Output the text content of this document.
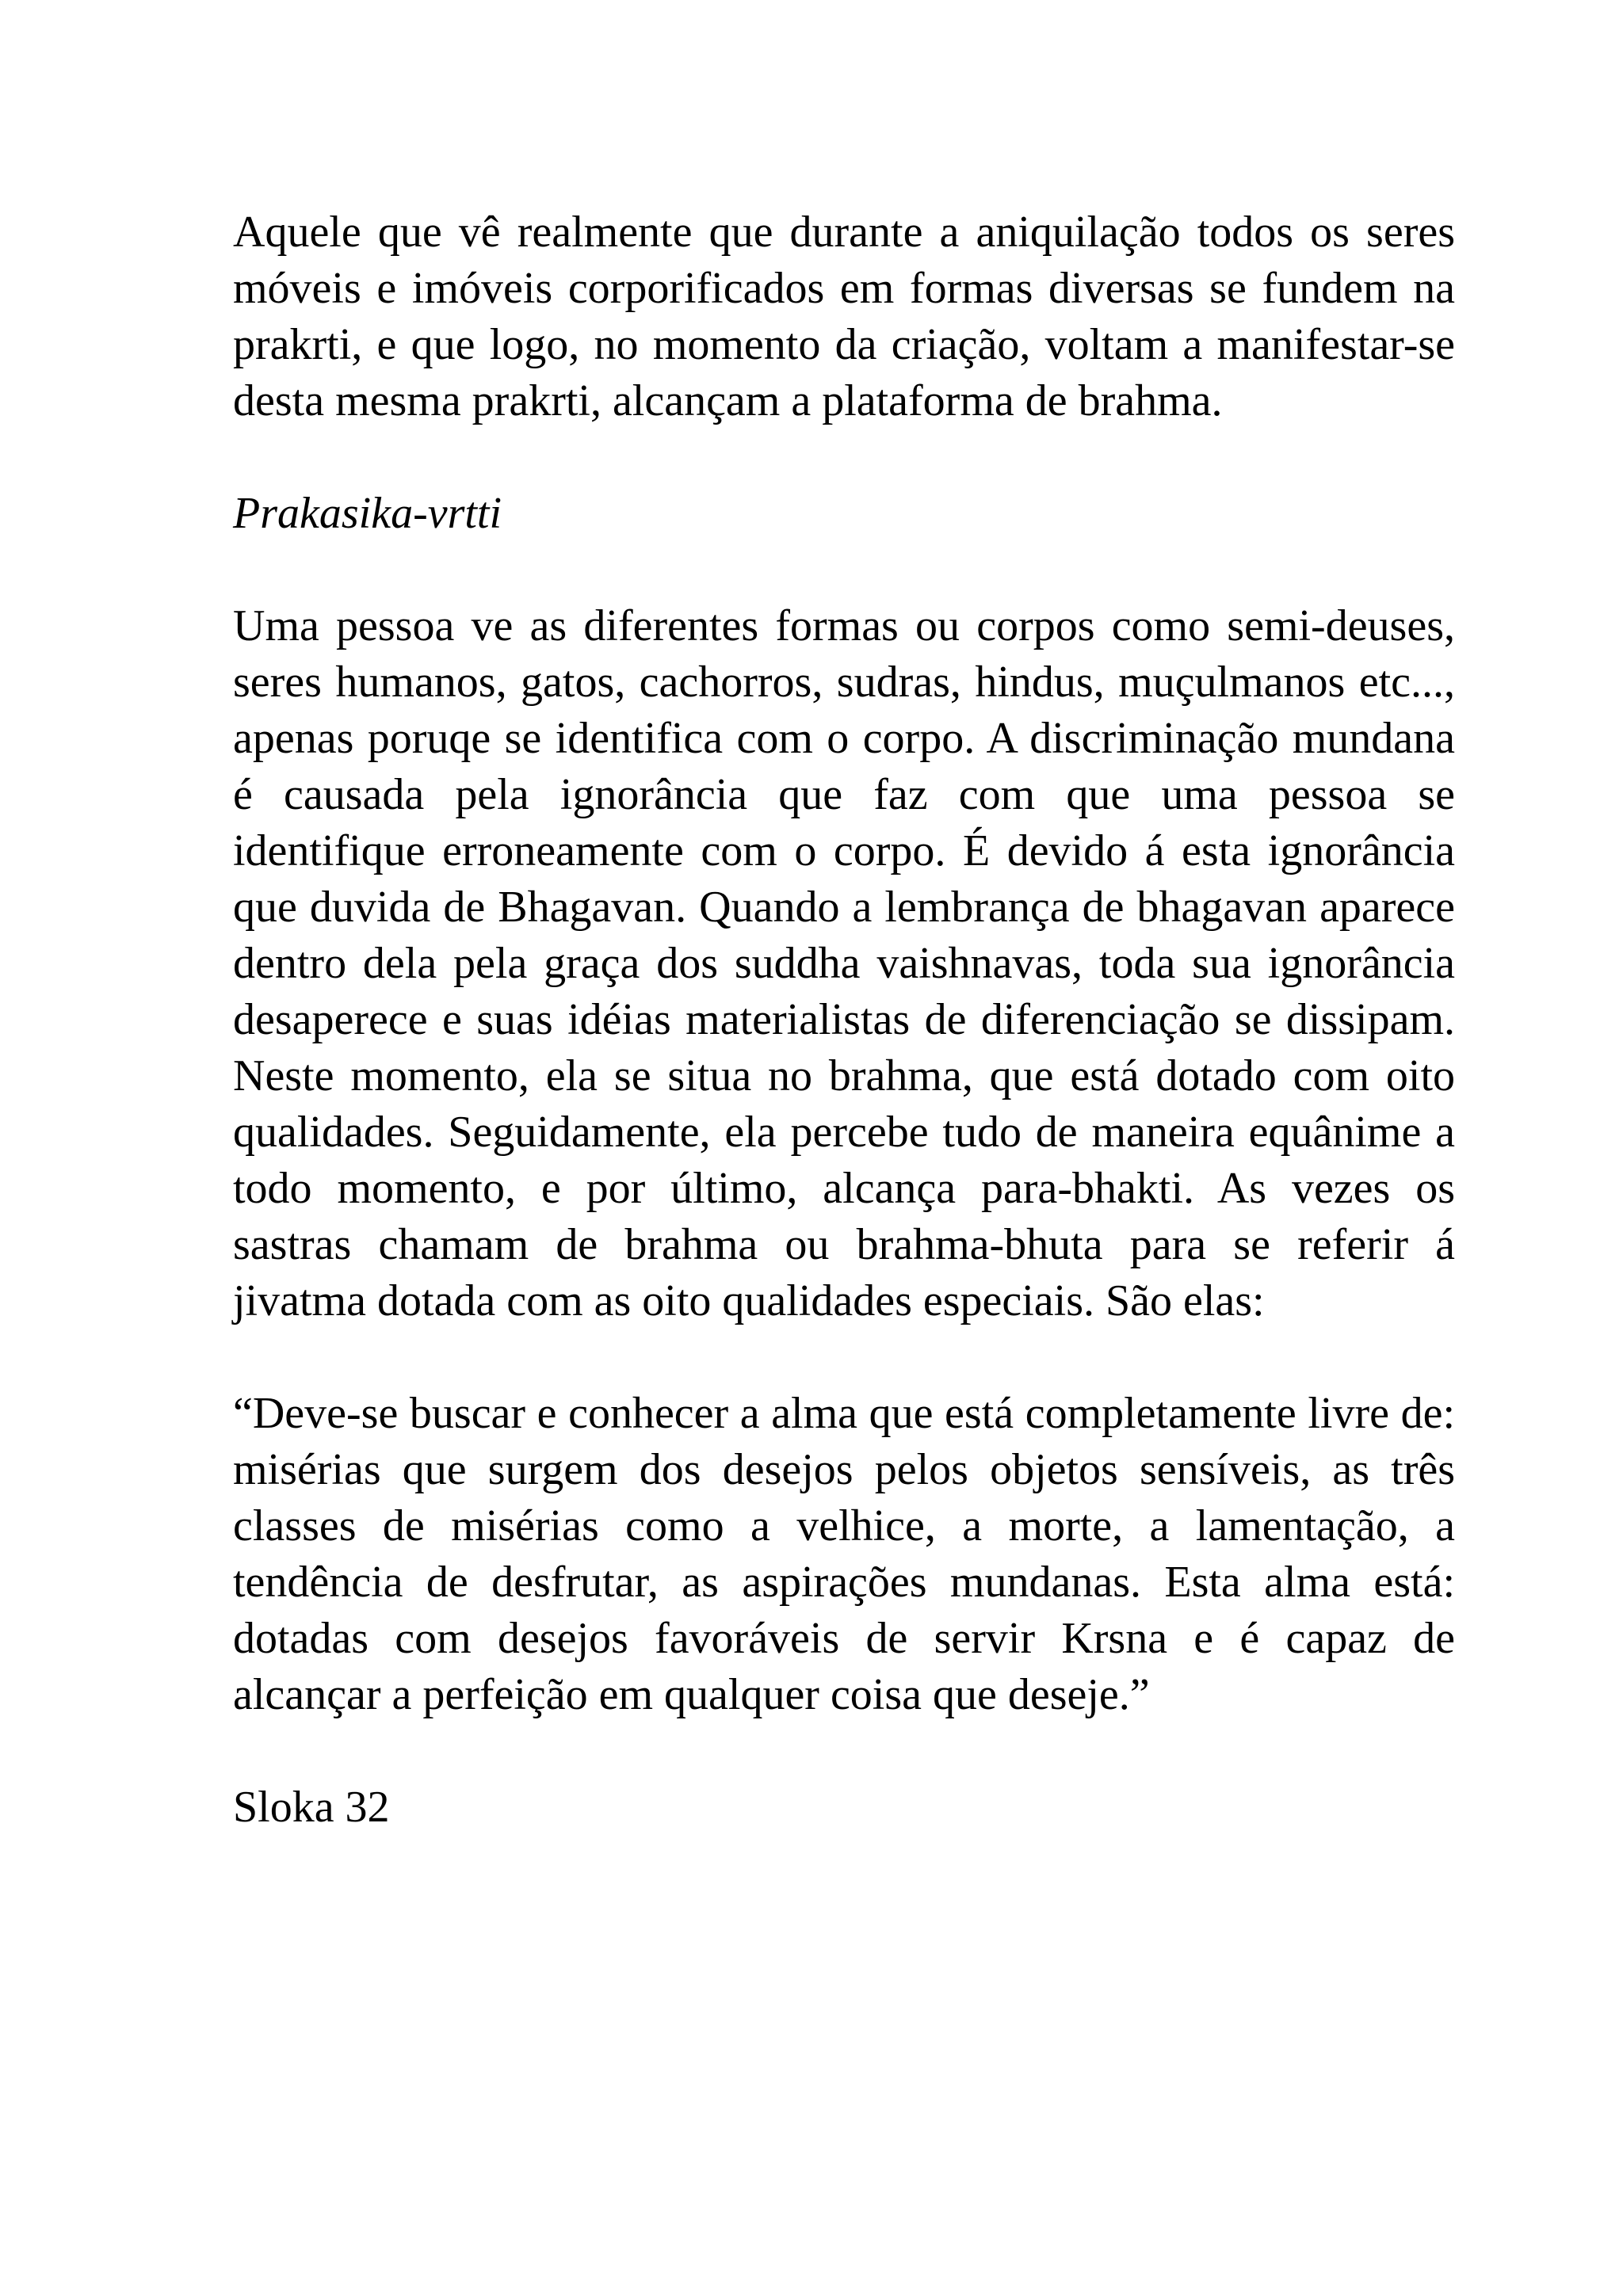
Aquele que vê realmente que durante a aniquilação todos os seres móveis e imóveis corporificados em formas diversas se fundem na prakrti, e que logo, no momento da criação, voltam a manifestar-se desta mesma prakrti, alcançam a plataforma de brahma.

Prakasika-vrtti

Uma pessoa ve as diferentes formas ou corpos como semi-deuses, seres humanos, gatos, cachorros, sudras, hindus, muçulmanos etc..., apenas poruqe se identifica com o corpo. A discriminação mundana é causada pela ignorância que faz com que uma pessoa se identifique erroneamente com o corpo. É devido á esta ignorância que duvida de Bhagavan. Quando a lembrança de bhagavan aparece dentro dela pela graça dos suddha vaishnavas, toda sua ignorância desaperece e suas idéias materialistas de diferenciação se dissipam. Neste momento, ela se situa no brahma, que está dotado com oito qualidades. Seguidamente, ela percebe tudo de maneira equânime a todo momento, e por último, alcança para-bhakti. As vezes os sastras chamam de brahma ou brahma-bhuta para se referir á jivatma dotada com as oito qualidades especiais. São elas:

“Deve-se buscar e conhecer a alma que está completamente livre de: misérias que surgem dos desejos pelos objetos sensíveis, as três classes de misérias como a velhice, a morte, a lamentação, a tendência de desfrutar, as aspirações mundanas. Esta alma está: dotadas com desejos favoráveis de servir Krsna e é capaz de alcançar a perfeição em qualquer coisa que deseje.”

Sloka 32
